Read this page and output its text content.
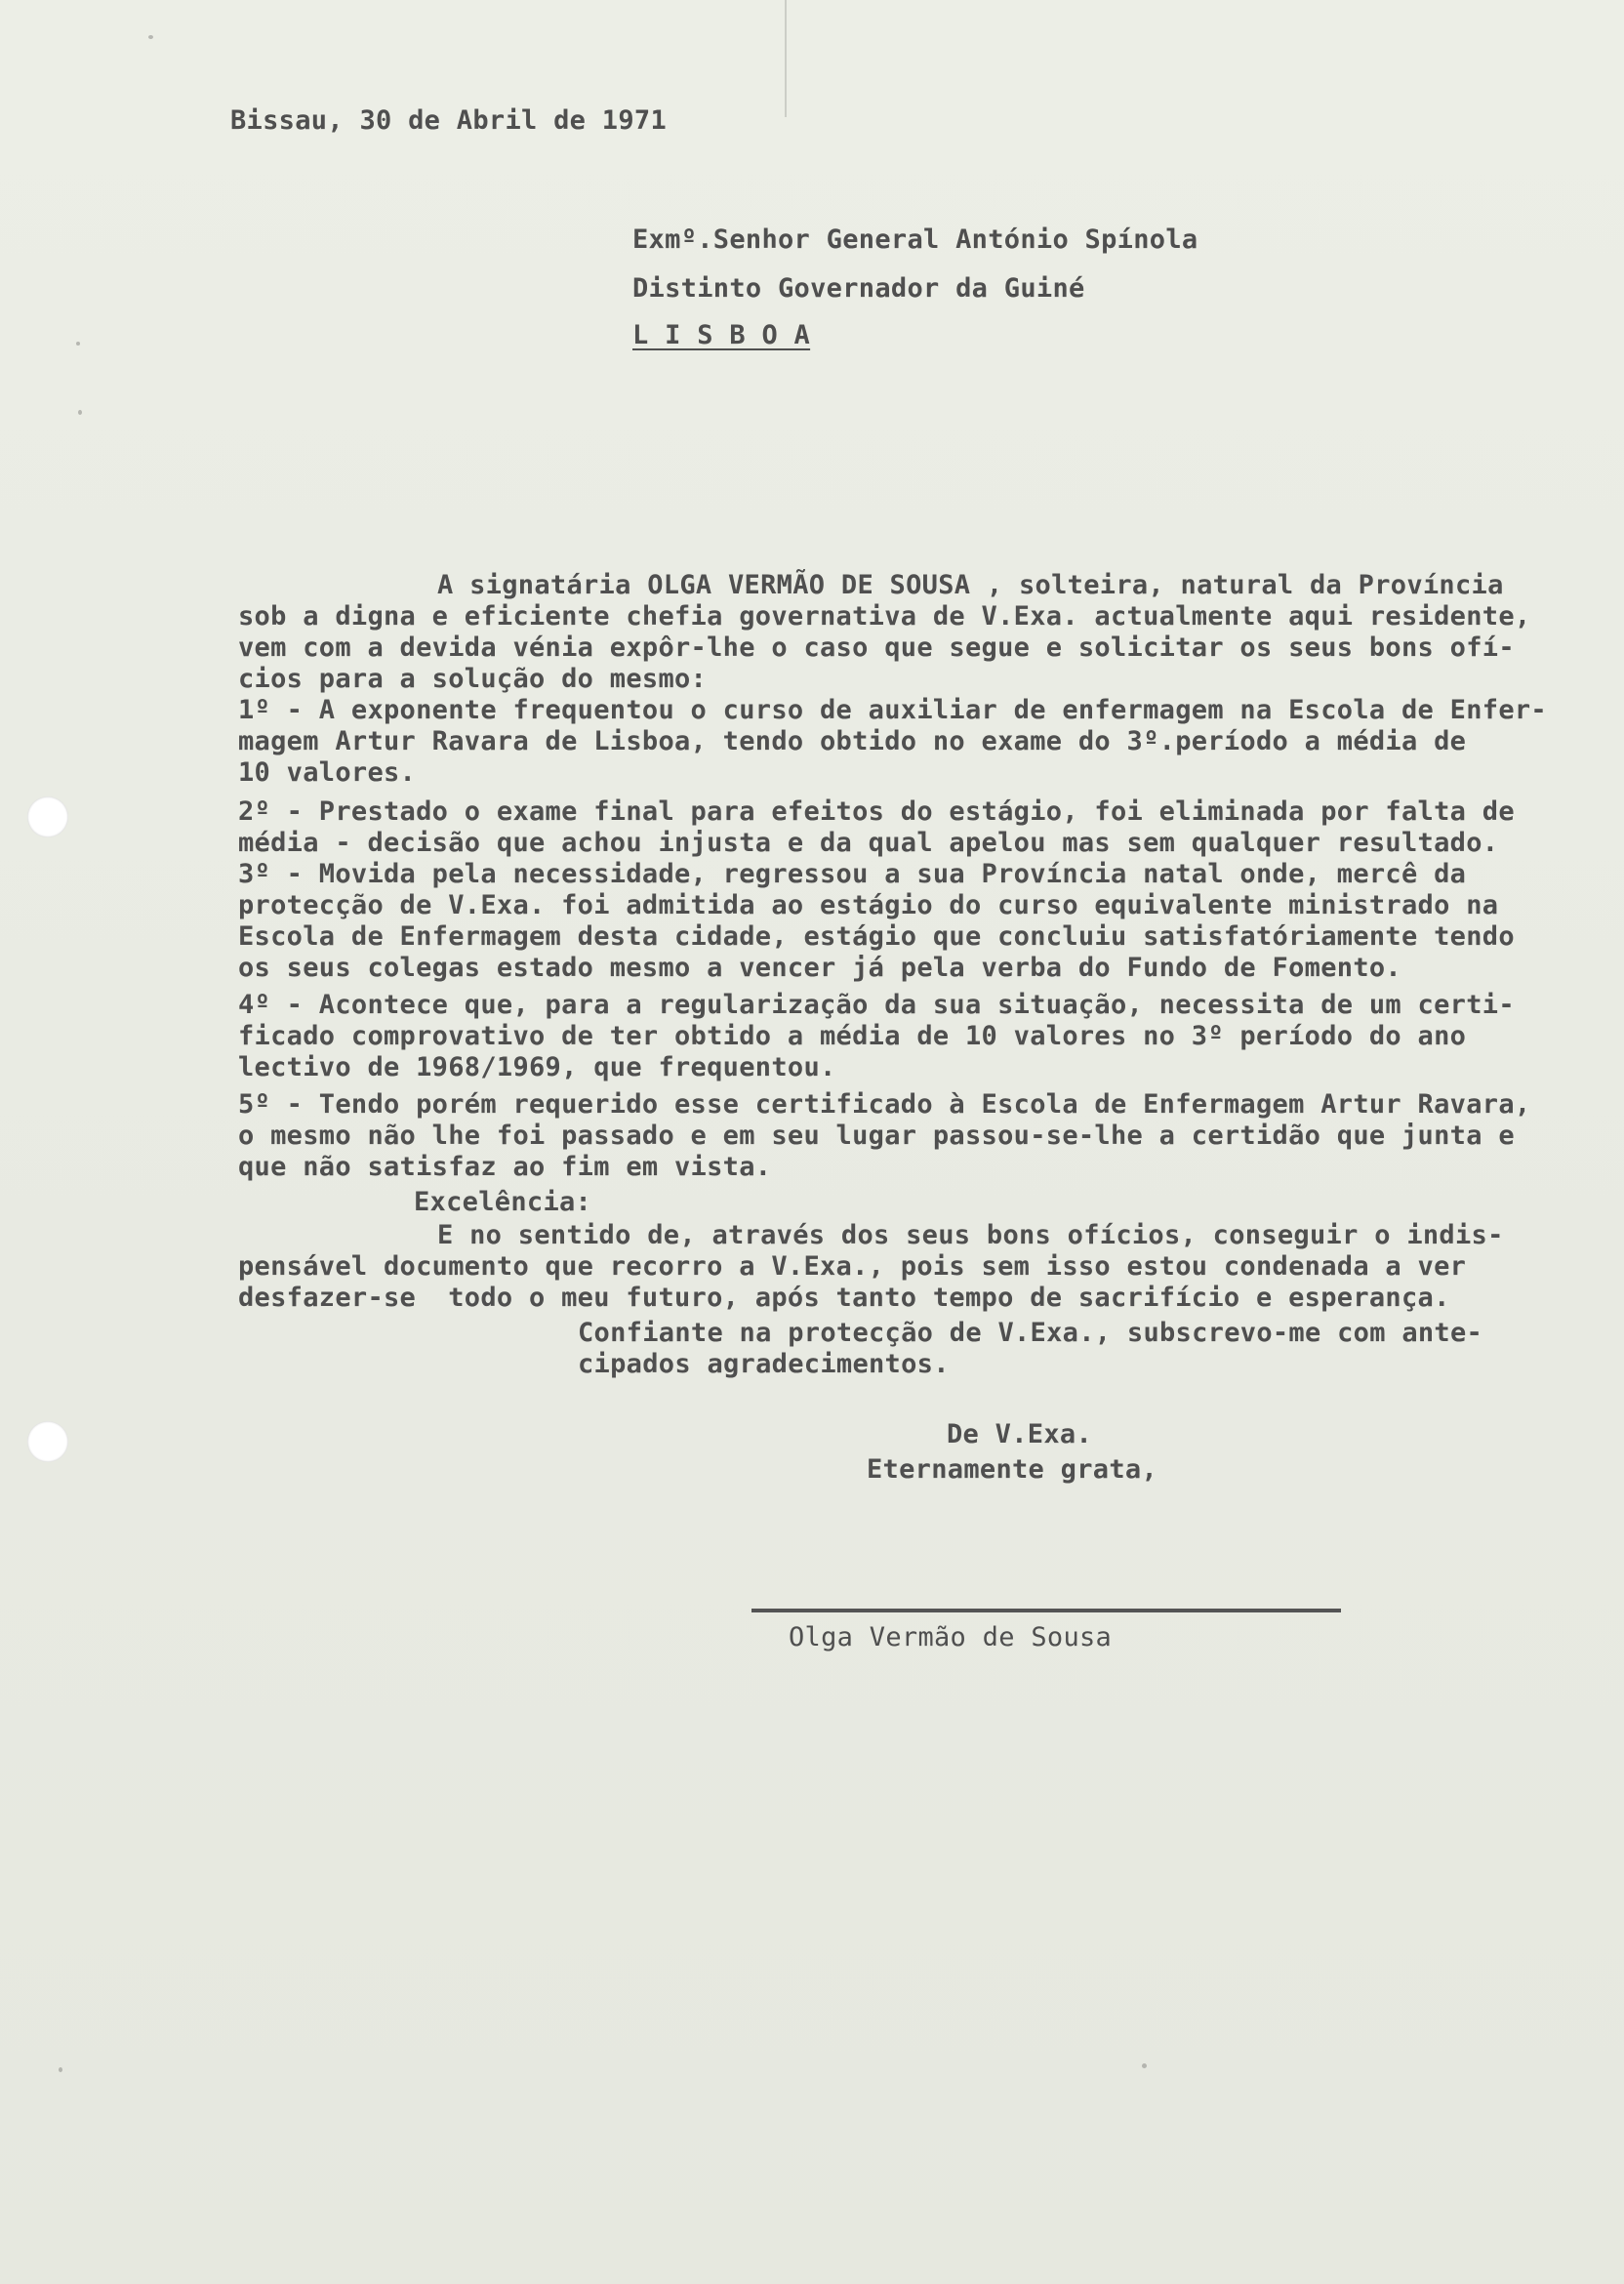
Bissau, 30 de Abril de 1971
Exmº.Senhor General António Spínola
Distinto Governador da Guiné
L I S B O A
A signatária OLGA VERMÃO DE SOUSA , solteira, natural da Província
sob a digna e eficiente chefia governativa de V.Exa. actualmente aqui residente,
vem com a devida vénia expôr-lhe o caso que segue e solicitar os seus bons ofí-
cios para a solução do mesmo:
1º - A exponente frequentou o curso de auxiliar de enfermagem na Escola de Enfer-
magem Artur Ravara de Lisboa, tendo obtido no exame do 3º.período a média de
10 valores.
2º - Prestado o exame final para efeitos do estágio, foi eliminada por falta de
média - decisão que achou injusta e da qual apelou mas sem qualquer resultado.
3º - Movida pela necessidade, regressou a sua Província natal onde, mercê da
protecção de V.Exa. foi admitida ao estágio do curso equivalente ministrado na
Escola de Enfermagem desta cidade, estágio que concluiu satisfatóriamente tendo
os seus colegas estado mesmo a vencer já pela verba do Fundo de Fomento.
4º - Acontece que, para a regularização da sua situação, necessita de um certi-
ficado comprovativo de ter obtido a média de 10 valores no 3º período do ano
lectivo de 1968/1969, que frequentou.
5º - Tendo porém requerido esse certificado à Escola de Enfermagem Artur Ravara,
o mesmo não lhe foi passado e em seu lugar passou-se-lhe a certidão que junta e
que não satisfaz ao fim em vista.
Excelência:
E no sentido de, através dos seus bons ofícios, conseguir o indis-
pensável documento que recorro a V.Exa., pois sem isso estou condenada a ver
desfazer-se  todo o meu futuro, após tanto tempo de sacrifício e esperança.
Confiante na protecção de V.Exa., subscrevo-me com ante-
cipados agradecimentos.
De V.Exa.
Eternamente grata,
Olga Vermão de Sousa
